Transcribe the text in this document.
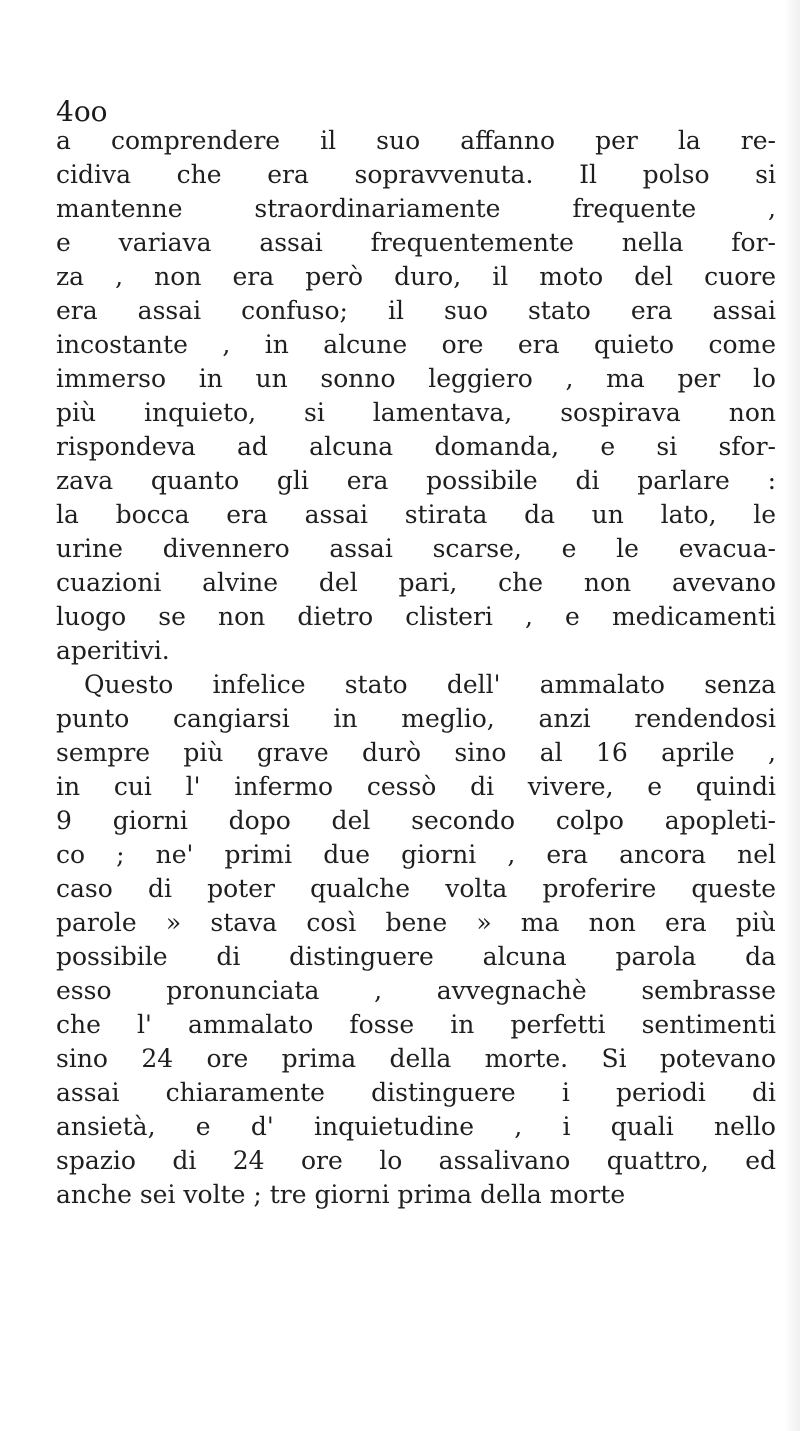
4oo
a comprendere il suo affanno per la re-
cidiva che era sopravvenuta. Il polso si
mantenne straordinariamente frequente ,
e variava assai frequentemente nella for-
za , non era però duro, il moto del cuore
era assai confuso; il suo stato era assai
incostante , in alcune ore era quieto come
immerso in un sonno leggiero , ma per lo
più inquieto, si lamentava, sospirava non
rispondeva ad alcuna domanda, e si sfor-
zava quanto gli era possibile di parlare :
la bocca era assai stirata da un lato, le
urine divennero assai scarse, e le evacua-
cuazioni alvine del pari, che non avevano
luogo se non dietro clisteri , e medicamenti
aperitivi.
Questo infelice stato dell' ammalato senza
punto cangiarsi in meglio, anzi rendendosi
sempre più grave durò sino al 16 aprile ,
in cui l' infermo cessò di vivere, e quindi
9 giorni dopo del secondo colpo apopleti-
co ; ne' primi due giorni , era ancora nel
caso di poter qualche volta proferire queste
parole » stava così bene » ma non era più
possibile di distinguere alcuna parola da
esso pronunciata , avvegnachè sembrasse
che l' ammalato fosse in perfetti sentimenti
sino 24 ore prima della morte. Si potevano
assai chiaramente distinguere i periodi di
ansietà, e d' inquietudine , i quali nello
spazio di 24 ore lo assalivano quattro, ed
anche sei volte ; tre giorni prima della morte
